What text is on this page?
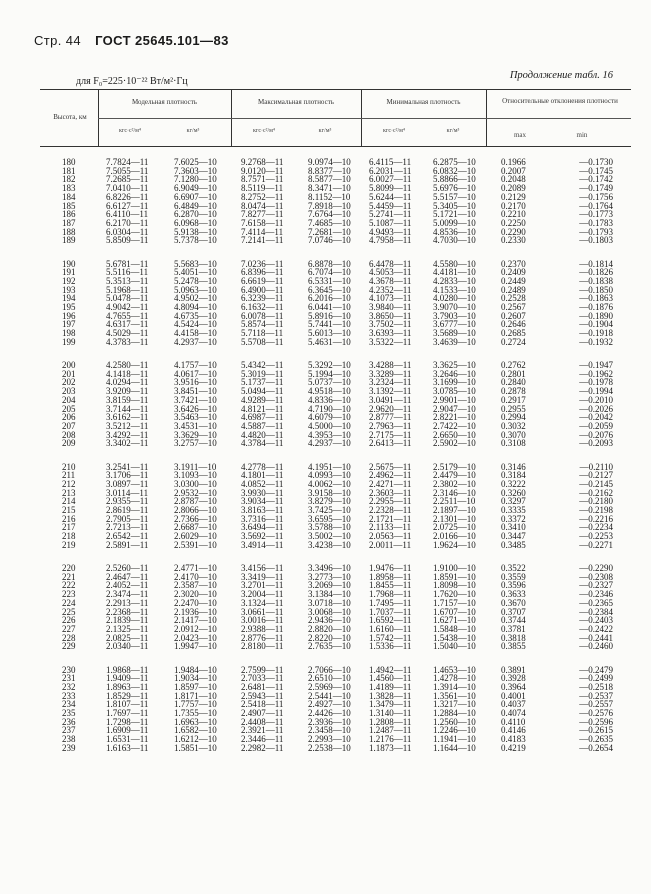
Стр. 44 ГОСТ 25645.101—83
для F₀=225·10⁻²² Вт/м²·Гц
Продолжение табл. 16
Высота, км
Модельная плотность	Максимальная плотность	Минимальная плотность	Относительные отклонения плотности
кгс·с²/м⁴	кг/м³	кгс·с²/м⁴	кг/м³	кгс·с²/м⁴	кг/м³	max	min
180	7.7824—11	7.6025—10	9.2768—11	9.0974—10	6.4115—11	6.2875—10	0.1966	—0.1730
181	7.5055—11	7.3603—10	9.0120—11	8.8377—10	6.2031—11	6.0832—10	0.2007	—0.1745
182	7.2685—11	7.1280—10	8.7571—11	8.5877—10	6.0027—11	5.8866—10	0.2048	—0.1742
183	7.0410—11	6.9049—10	8.5119—11	8.3471—10	5.8099—11	5.6976—10	0.2089	—0.1749
184	6.8226—11	6.6907—10	8.2752—11	8.1152—10	5.6244—11	5.5157—10	0.2129	—0.1756
185	6.6127—11	6.4849—10	8.0474—11	7.8918—10	5.4459—11	5.3405—10	0.2170	—0.1764
186	6.4110—11	6.2870—10	7.8277—11	7.6764—10	5.2741—11	5.1721—10	0.2210	—0.1773
187	6.2170—11	6.0968—10	7.6158—11	7.4685—10	5.1087—11	5.0099—10	0.2250	—0.1783
188	6.0304—11	5.9138—10	7.4114—11	7.2681—10	4.9493—11	4.8536—10	0.2290	—0.1793
189	5.8509—11	5.7378—10	7.2141—11	7.0746—10	4.7958—11	4.7030—10	0.2330	—0.1803
190	5.6781—11	5.5683—10	7.0236—11	6.8878—10	6.4478—11	4.5580—10	0.2370	—0.1814
191	5.5116—11	5.4051—10	6.8396—11	6.7074—10	4.5053—11	4.4181—10	0.2409	—0.1826
192	5.3513—11	5.2478—10	6.6619—11	6.5331—10	4.3678—11	4.2833—10	0.2449	—0.1838
193	5.1968—11	5.0963—10	6.4900—11	6.3645—10	4.2352—11	4.1533—10	0.2489	—0.1850
194	5.0478—11	4.9502—10	6.3239—11	6.2016—10	4.1073—11	4.0280—10	0.2528	—0.1863
195	4.9042—11	4.8094—10	6.1632—11	6.0441—10	3.9840—11	3.9070—10	0.2567	—0.1876
196	4.7655—11	4.6735—10	6.0078—11	5.8916—10	3.8650—11	3.7903—10	0.2607	—0.1890
197	4.6317—11	4.5424—10	5.8574—11	5.7441—10	3.7502—11	3.6777—10	0.2646	—0.1904
198	4.5029—11	4.4158—10	5.7118—11	5.6013—10	3.6393—11	3.5689—10	0.2685	—0.1918
199	4.3783—11	4.2937—10	5.5708—11	5.4631—10	3.5322—11	3.4639—10	0.2724	—0.1932
200	4.2580—11	4.1757—10	5.4342—11	5.3292—10	3.4288—11	3.3625—10	0.2762	—0.1947
201	4.1418—11	4.0617—10	5.3019—11	5.1994—10	3.3289—11	3.2646—10	0.2801	—0.1962
202	4.0294—11	3.9516—10	5.1737—11	5.0737—10	3.2324—11	3.1699—10	0.2840	—0.1978
203	3.9209—11	3.8451—10	5.0494—11	4.9518—10	3.1392—11	3.0785—10	0.2878	—0.1994
204	3.8159—11	3.7421—10	4.9289—11	4.8336—10	3.0491—11	2.9901—10	0.2917	—0.2010
205	3.7144—11	3.6426—10	4.8121—11	4.7190—10	2.9620—11	2.9047—10	0.2955	—0.2026
206	3.6162—11	3.5463—10	4.6987—11	4.6079—10	2.8777—11	2.8221—10	0.2994	—0.2042
207	3.5212—11	3.4531—10	4.5887—11	4.5000—10	2.7963—11	2.7422—10	0.3032	—0.2059
208	3.4292—11	3.3629—10	4.4820—11	4.3953—10	2.7175—11	2.6650—10	0.3070	—0.2076
209	3.3402—11	3.2757—10	4.3784—11	4.2937—10	2.6413—11	2.5902—10	0.3108	—0.2093
210	3.2541—11	3.1911—10	4.2778—11	4.1951—10	2.5675—11	2.5179—10	0.3146	—0.2110
211	3.1706—11	3.1093—10	4.1801—11	4.0993—10	2.4962—11	2.4479—10	0.3184	—0.2127
212	3.0897—11	3.0300—10	4.0852—11	4.0062—10	2.4271—11	2.3802—10	0.3222	—0.2145
213	3.0114—11	2.9532—10	3.9930—11	3.9158—10	2.3603—11	2.3146—10	0.3260	—0.2162
214	2.9355—11	2.8787—10	3.9034—11	3.8279—10	2.2955—11	2.2511—10	0.3297	—0.2180
215	2.8619—11	2.8066—10	3.8163—11	3.7425—10	2.2328—11	2.1897—10	0.3335	—0.2198
216	2.7905—11	2.7366—10	3.7316—11	3.6595—10	2.1721—11	2.1301—10	0.3372	—0.2216
217	2.7213—11	2.6687—10	3.6494—11	3.5788—10	2.1133—11	2.0725—10	0.3410	—0.2234
218	2.6542—11	2.6029—10	3.5692—11	3.5002—10	2.0563—11	2.0166—10	0.3447	—0.2253
219	2.5891—11	2.5391—10	3.4914—11	3.4238—10	2.0011—11	1.9624—10	0.3485	—0.2271
220	2.5260—11	2.4771—10	3.4156—11	3.3496—10	1.9476—11	1.9100—10	0.3522	—0.2290
221	2.4647—11	2.4170—10	3.3419—11	3.2773—10	1.8958—11	1.8591—10	0.3559	—0.2308
222	2.4052—11	2.3587—10	3.2701—11	3.2069—10	1.8455—11	1.8098—10	0.3596	—0.2327
223	2.3474—11	2.3020—10	3.2004—11	3.1384—10	1.7968—11	1.7620—10	0.3633	—0.2346
224	2.2913—11	2.2470—10	3.1324—11	3.0718—10	1.7495—11	1.7157—10	0.3670	—0.2365
225	2.2368—11	2.1936—10	3.0661—11	3.0068—10	1.7037—11	1.6707—10	0.3707	—0.2384
226	2.1839—11	2.1417—10	3.0016—11	2.9436—10	1.6592—11	1.6271—10	0.3744	—0.2403
227	2.1325—11	2.0912—10	2.9388—11	2.8820—10	1.6160—11	1.5848—10	0.3781	—0.2422
228	2.0825—11	2.0423—10	2.8776—11	2.8220—10	1.5742—11	1.5438—10	0.3818	—0.2441
229	2.0340—11	1.9947—10	2.8180—11	2.7635—10	1.5336—11	1.5040—10	0.3855	—0.2460
230	1.9868—11	1.9484—10	2.7599—11	2.7066—10	1.4942—11	1.4653—10	0.3891	—0.2479
231	1.9409—11	1.9034—10	2.7033—11	2.6510—10	1.4560—11	1.4278—10	0.3928	—0.2499
232	1.8963—11	1.8597—10	2.6481—11	2.5969—10	1.4189—11	1.3914—10	0.3964	—0.2518
233	1.8529—11	1.8171—10	2.5943—11	2.5441—10	1.3828—11	1.3561—10	0.4001	—0.2537
234	1.8107—11	1.7757—10	2.5418—11	2.4927—10	1.3479—11	1.3217—10	0.4037	—0.2557
235	1.7697—11	1.7355—10	2.4907—11	2.4426—10	1.3140—11	1.2884—10	0.4074	—0.2576
236	1.7298—11	1.6963—10	2.4408—11	2.3936—10	1.2808—11	1.2560—10	0.4110	—0.2596
237	1.6909—11	1.6582—10	2.3921—11	2.3458—10	1.2487—11	1.2246—10	0.4146	—0.2615
238	1.6531—11	1.6212—10	2.3446—11	2.2993—10	1.2176—11	1.1941—10	0.4183	—0.2635
239	1.6163—11	1.5851—10	2.2982—11	2.2538—10	1.1873—11	1.1644—10	0.4219	—0.2654
